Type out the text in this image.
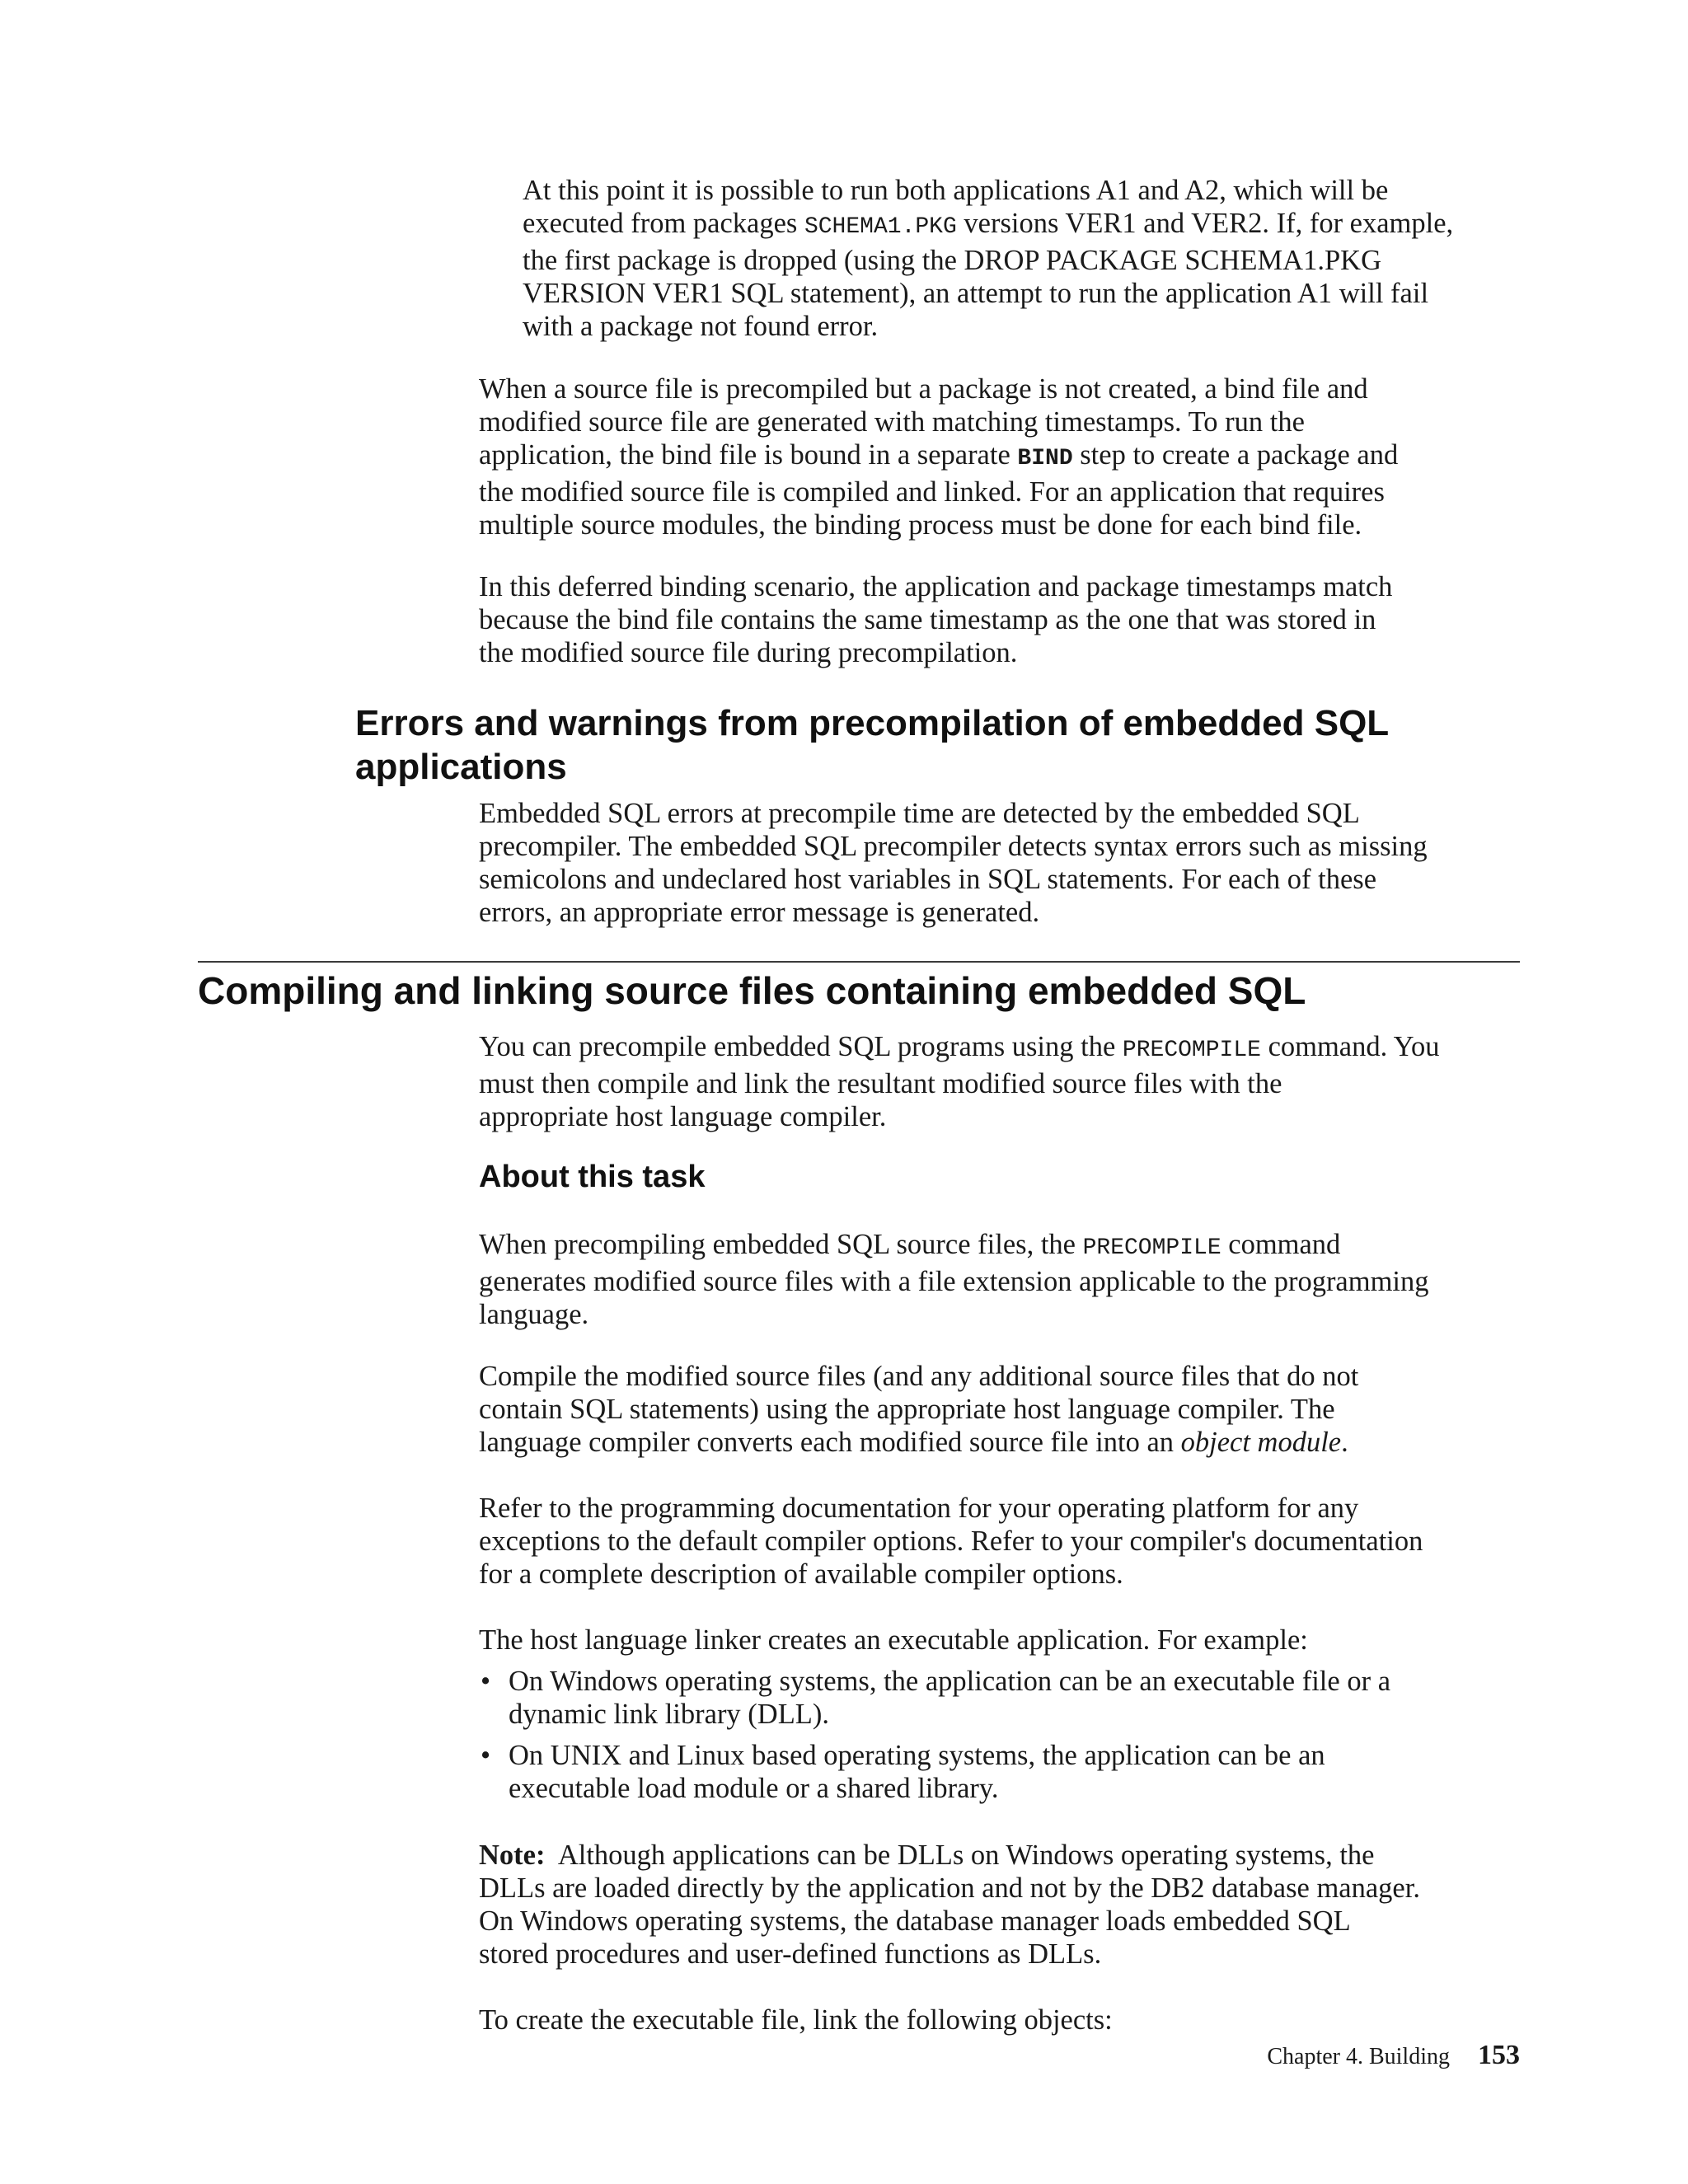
At this point it is possible to run both applications A1 and A2, which will be

executed from packages SCHEMA1.PKG versions VER1 and VER2. If, for example,

the first package is dropped (using the DROP PACKAGE SCHEMA1.PKG

VERSION VER1 SQL statement), an attempt to run the application A1 will fail

with a package not found error.

When a source file is precompiled but a package is not created, a bind file and

modified source file are generated with matching timestamps. To run the

application, the bind file is bound in a separate BIND step to create a package and

the modified source file is compiled and linked. For an application that requires

multiple source modules, the binding process must be done for each bind file.

In this deferred binding scenario, the application and package timestamps match

because the bind file contains the same timestamp as the one that was stored in

the modified source file during precompilation.

Errors and warnings from precompilation of embedded SQL
applications

Embedded SQL errors at precompile time are detected by the embedded SQL

precompiler. The embedded SQL precompiler detects syntax errors such as missing

semicolons and undeclared host variables in SQL statements. For each of these

errors, an appropriate error message is generated.

Compiling and linking source files containing embedded SQL

You can precompile embedded SQL programs using the PRECOMPILE command. You

must then compile and link the resultant modified source files with the

appropriate host language compiler.

About this task

When precompiling embedded SQL source files, the PRECOMPILE command

generates modified source files with a file extension applicable to the programming

language.

Compile the modified source files (and any additional source files that do not

contain SQL statements) using the appropriate host language compiler. The

language compiler converts each modified source file into an object module.

Refer to the programming documentation for your operating platform for any

exceptions to the default compiler options. Refer to your compiler's documentation

for a complete description of available compiler options.

The host language linker creates an executable application. For example:

• On Windows operating systems, the application can be an executable file or a

dynamic link library (DLL).

• On UNIX and Linux based operating systems, the application can be an

executable load module or a shared library.

Note:  Although applications can be DLLs on Windows operating systems, the

DLLs are loaded directly by the application and not by the DB2 database manager.

On Windows operating systems, the database manager loads embedded SQL

stored procedures and user-defined functions as DLLs.

To create the executable file, link the following objects:

Chapter 4. Building 153
